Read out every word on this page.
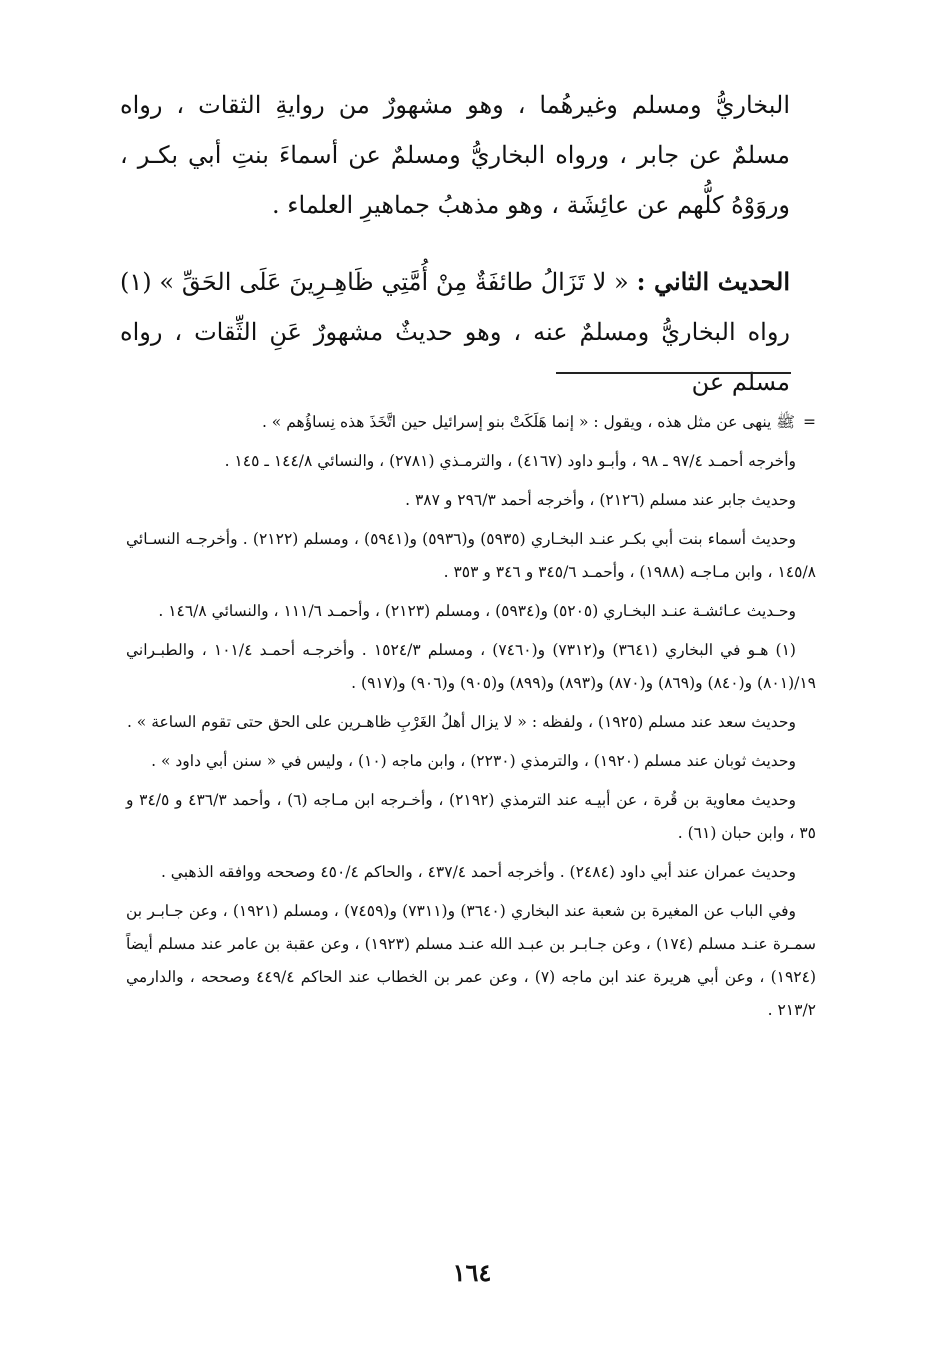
البخاريُّ ومسلم وغيرهُما ، وهو مشهورٌ من روايةِ الثقات ، رواه مسلمٌ عن جابر ، ورواه البخاريُّ ومسلمٌ عن أسماءَ بنتِ أبي بكـر ، وروَوْهُ كلُّهم عن عائِشَة ، وهو مذهبُ جماهيرِ العلماء .

الحديث الثاني : « لا تَزَالُ طائفَةٌ مِنْ أُمَّتِي ظَاهِـرِينَ عَلَى الحَقِّ » (١) رواه البخاريُّ ومسلمٌ عنه ، وهو حديثٌ مشهورٌ عَنِ الثِّقات ، رواه مسلم عن

=ﷺ ينهى عن مثل هذه ، ويقول : « إنما هَلَكَتْ بنو إسرائيل حين اتَّخَذَ هذه نِساؤُهم » .

وأخرجه أحمـد ٩٧/٤ ـ ٩٨ ، وأبـو داود (٤١٦٧) ، والترمـذي (٢٧٨١) ، والنسائي ١٤٤/٨ ـ ١٤٥ .

وحديث جابر عند مسلم (٢١٢٦) ، وأخرجه أحمد ٢٩٦/٣ و ٣٨٧ .

وحديث أسماء بنت أبي بكـر عنـد البخـاري (٥٩٣٥) و(٥٩٣٦) و(٥٩٤١) ، ومسلم (٢١٢٢) . وأخرجـه النسـائي ١٤٥/٨ ، وابن مـاجـه (١٩٨٨) ، وأحمـد ٣٤٥/٦ و ٣٤٦ و ٣٥٣ .

وحـديث عـائشـة عنـد البخـاري (٥٢٠٥) و(٥٩٣٤) ، ومسلم (٢١٢٣) ، وأحمـد ١١١/٦ ، والنسائي ١٤٦/٨ .

(١) هـو في البخاري (٣٦٤١) و(٧٣١٢) و(٧٤٦٠) ، ومسلم ١٥٢٤/٣ . وأخرجـه أحمـد ١٠١/٤ ، والطبـراني ١٩/(٨٠١) و(٨٤٠) و(٨٦٩) و(٨٧٠) و(٨٩٣) و(٨٩٩) و(٩٠٥) و(٩٠٦) و(٩١٧) .

وحديث سعد عند مسلم (١٩٢٥) ، ولفظه : « لا يزال أهلُ الغَرْبِ ظاهـرين على الحق حتى تقوم الساعة » .

وحديث ثوبان عند مسلم (١٩٢٠) ، والترمذي (٢٢٣٠) ، وابن ماجه (١٠) ، وليس في « سنن أبي داود » .

وحديث معاوية بن قُرة ، عن أبيـه عند الترمذي (٢١٩٢) ، وأخـرجه ابن مـاجه (٦) ، وأحمد ٤٣٦/٣ و ٣٤/٥ و ٣٥ ، وابن حبان (٦١) .

وحديث عمران عند أبي داود (٢٤٨٤) . وأخرجه أحمد ٤٣٧/٤ ، والحاكم ٤٥٠/٤ وصححه ووافقه الذهبي .

وفي الباب عن المغيرة بن شعبة عند البخاري (٣٦٤٠) و(٧٣١١) و(٧٤٥٩) ، ومسلم (١٩٢١) ، وعن جـابـر بن سمـرة عنـد مسلم (١٧٤) ، وعن جـابـر بن عبـد الله عنـد مسلم (١٩٢٣) ، وعن عقبة بن عامر عند مسلم أيضاً (١٩٢٤) ، وعن أبي هريرة عند ابن ماجه (٧) ، وعن عمر بن الخطاب عند الحاكم ٤٤٩/٤ وصححه ، والدارمي ٢١٣/٢ .

١٦٤
